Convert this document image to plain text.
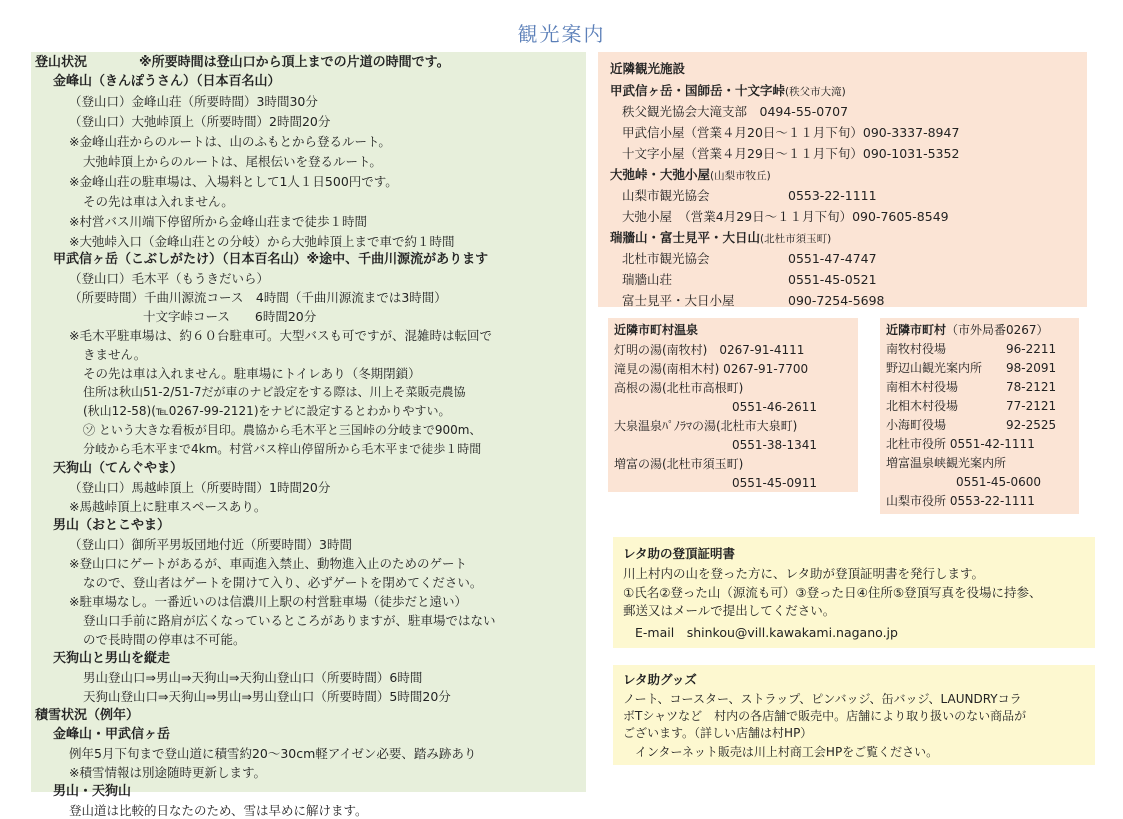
観光案内
登山状況　　　　※所要時間は登山口から頂上までの片道の時間です。
金峰山（きんぽうさん）（日本百名山）
（登山口）金峰山荘（所要時間）3時間30分
（登山口）大弛峠頂上（所要時間）2時間20分
※金峰山荘からのルートは、山のふもとから登るルート。
大弛峠頂上からのルートは、尾根伝いを登るルート。
※金峰山荘の駐車場は、入場料として1人１日500円です。
その先は車は入れません。
※村営バス川端下停留所から金峰山荘まで徒歩１時間
※大弛峠入口（金峰山荘との分岐）から大弛峠頂上まで車で約１時間
甲武信ヶ岳（こぶしがたけ）（日本百名山）※途中、千曲川源流があります
（登山口）毛木平（もうきだいら）
（所要時間）千曲川源流コース　4時間（千曲川源流までは3時間）
十文字峠コース　　6時間20分
※毛木平駐車場は、約６０台駐車可。大型バスも可ですが、混雑時は転回で
きません。
その先は車は入れません。駐車場にトイレあり（冬期閉鎖）
住所は秋山51-2/51-7だが車のナビ設定をする際は、川上そ菜販売農協
(秋山12-58)(℡0267-99-2121)をナビに設定するとわかりやすい。
㋞ という大きな看板が目印。農協から毛木平と三国峠の分岐まで900m、
分岐から毛木平まで4km。村営バス梓山停留所から毛木平まで徒歩１時間
天狗山（てんぐやま）
（登山口）馬越峠頂上（所要時間）1時間20分
※馬越峠頂上に駐車スペースあり。
男山（おとこやま）
（登山口）御所平男坂団地付近（所要時間）3時間
※登山口にゲートがあるが、車両進入禁止、動物進入止のためのゲート
なので、登山者はゲートを開けて入り、必ずゲートを閉めてください。
※駐車場なし。一番近いのは信濃川上駅の村営駐車場（徒歩だと遠い）
登山口手前に路肩が広くなっているところがありますが、駐車場ではない
ので長時間の停車は不可能。
天狗山と男山を縦走
男山登山口⇒男山⇒天狗山⇒天狗山登山口（所要時間）6時間
天狗山登山口⇒天狗山⇒男山⇒男山登山口（所要時間）5時間20分
積雪状況（例年）
金峰山・甲武信ヶ岳
例年5月下旬まで登山道に積雪約20～30cm軽アイゼン必要、踏み跡あり
※積雪情報は別途随時更新します。
男山・天狗山
登山道は比較的日なたのため、雪は早めに解けます。
近隣観光施設
甲武信ヶ岳・国師岳・十文字峠(秩父市大滝)
秩父観光協会大滝支部　0494-55-0707
甲武信小屋（営業４月20日～１１月下旬）090-3337-8947
十文字小屋（営業４月29日～１１月下旬）090-1031-5352
大弛峠・大弛小屋(山梨市牧丘)
山梨市観光協会	0553-22-1111
大弛小屋　（営業4月29日～１１月下旬）090-7605-8549
瑞牆山・富士見平・大日山(北杜市須玉町)
北杜市観光協会	0551-47-4747
瑞牆山荘	0551-45-0521
富士見平・大日小屋	090-7254-5698
近隣市町村温泉
灯明の湯(南牧村)　0267-91-4111
滝見の湯(南相木村) 0267-91-7700
高根の湯(北杜市高根町)
0551-46-2611
大泉温泉ﾊﾟﾉﾗﾏの湯(北杜市大泉町)
0551-38-1341
増富の湯(北杜市須玉町)
0551-45-0911
近隣市町村（市外局番0267）
南牧村役場	96-2211
野辺山観光案内所 98-2091
南相木村役場	78-2121
北相木村役場	77-2121
小海町役場	92-2525
北杜市役所 0551-42-1111
増富温泉峡観光案内所
0551-45-0600
山梨市役所 0553-22-1111
レタ助の登頂証明書
川上村内の山を登った方に、レタ助が登頂証明書を発行します。
①氏名②登った山（源流も可）③登った日④住所⑤登頂写真を役場に持参、
郵送又はメールで提出してください。
E-mail　shinkou@vill.kawakami.nagano.jp
レタ助グッズ
ノート、コースター、ストラップ、ピンバッジ、缶バッジ、LAUNDRYコラ
ボTシャツなど　村内の各店舗で販売中。店舗により取り扱いのない商品が
ございます。（詳しい店舗は村HP）
インターネット販売は川上村商工会HPをご覧ください。
